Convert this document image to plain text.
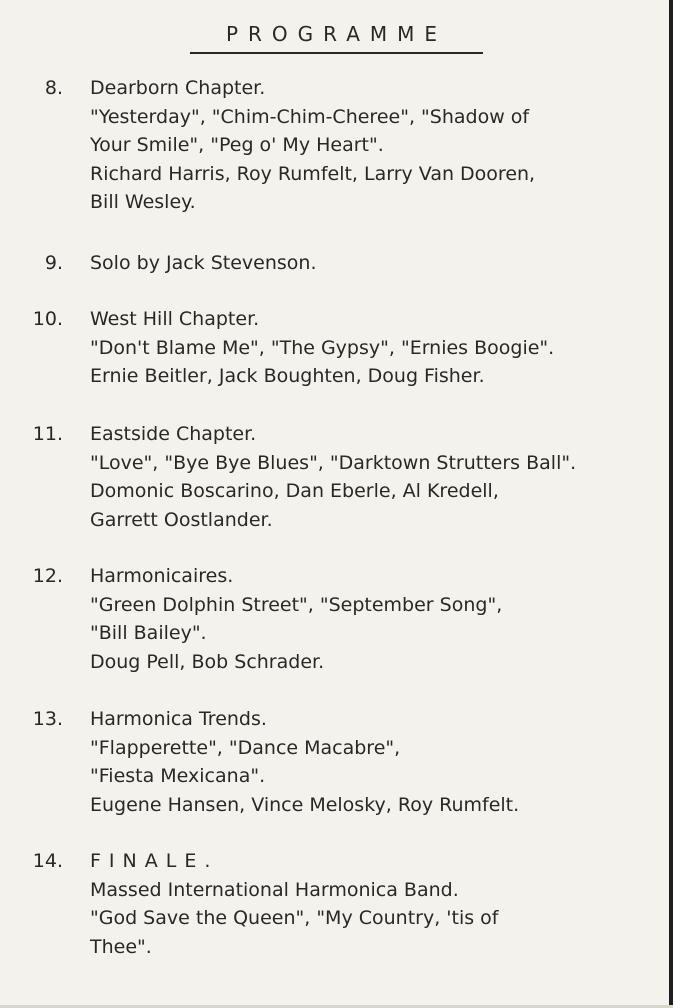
PROGRAMME
8. Dearborn Chapter.
"Yesterday", "Chim-Chim-Cheree", "Shadow of
Your Smile", "Peg o' My Heart".
Richard Harris, Roy Rumfelt, Larry Van Dooren,
Bill Wesley.
9. Solo by Jack Stevenson.
10. West Hill Chapter.
"Don't Blame Me", "The Gypsy", "Ernies Boogie".
Ernie Beitler, Jack Boughten, Doug Fisher.
11. Eastside Chapter.
"Love", "Bye Bye Blues", "Darktown Strutters Ball".
Domonic Boscarino, Dan Eberle, Al Kredell,
Garrett Oostlander.
12. Harmonicaires.
"Green Dolphin Street", "September Song",
"Bill Bailey".
Doug Pell, Bob Schrader.
13. Harmonica Trends.
"Flapperette", "Dance Macabre",
"Fiesta Mexicana".
Eugene Hansen, Vince Melosky, Roy Rumfelt.
14. FINALE.
Massed International Harmonica Band.
"God Save the Queen", "My Country, 'tis of
Thee".
